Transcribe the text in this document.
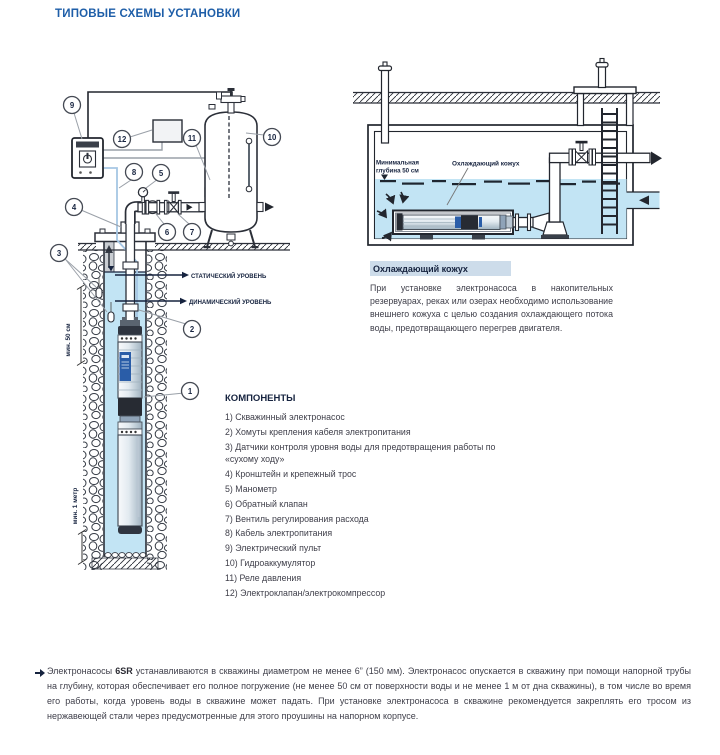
ТИПОВЫЕ СХЕМЫ УСТАНОВКИ
мин. 50 см
мин. 1 метр
СТАТИЧЕСКИЙ УРОВЕНЬ
ДИНАМИЧЕСКИЙ УРОВЕНЬ
1
2
3
4
5
6	7
8
9
10
11
12
Минимальная
глубина 50 см
Охлаждающий кожух
Охлаждающий кожух
При установке электронасоса в накопительных резервуарах, реках или озерах необходимо использование внешнего кожуха с целью создания охлаждающего потока воды, предотвращающего перегрев двигателя.
КОМПОНЕНТЫ
1) Скважинный электронасос
2) Хомуты крепления кабеля электропитания
3) Датчики контроля уровня воды для предотвращения работы по «сухому ходу»
4) Кронштейн и крепежный трос
5) Манометр
6) Обратный клапан
7) Вентиль регулирования расхода
8) Кабель электропитания
9) Электрический пульт
10) Гидроаккумулятор
11) Реле давления
12) Электроклапан/электрокомпрессор
Электронасосы 6SR устанавливаются в скважины диаметром не менее 6” (150 мм). Электронасос опускается в скважину при помощи напорной трубы на глубину, которая обеспечивает его полное погружение (не менее 50 см от поверхности воды и не менее 1 м от дна скважины), в том числе во время его работы, когда уровень воды в скважине может падать. При установке электронасоса в скважине рекомендуется закреплять его тросом из нержавеющей стали через предусмотренные для этого проушины на напорном корпусе.
